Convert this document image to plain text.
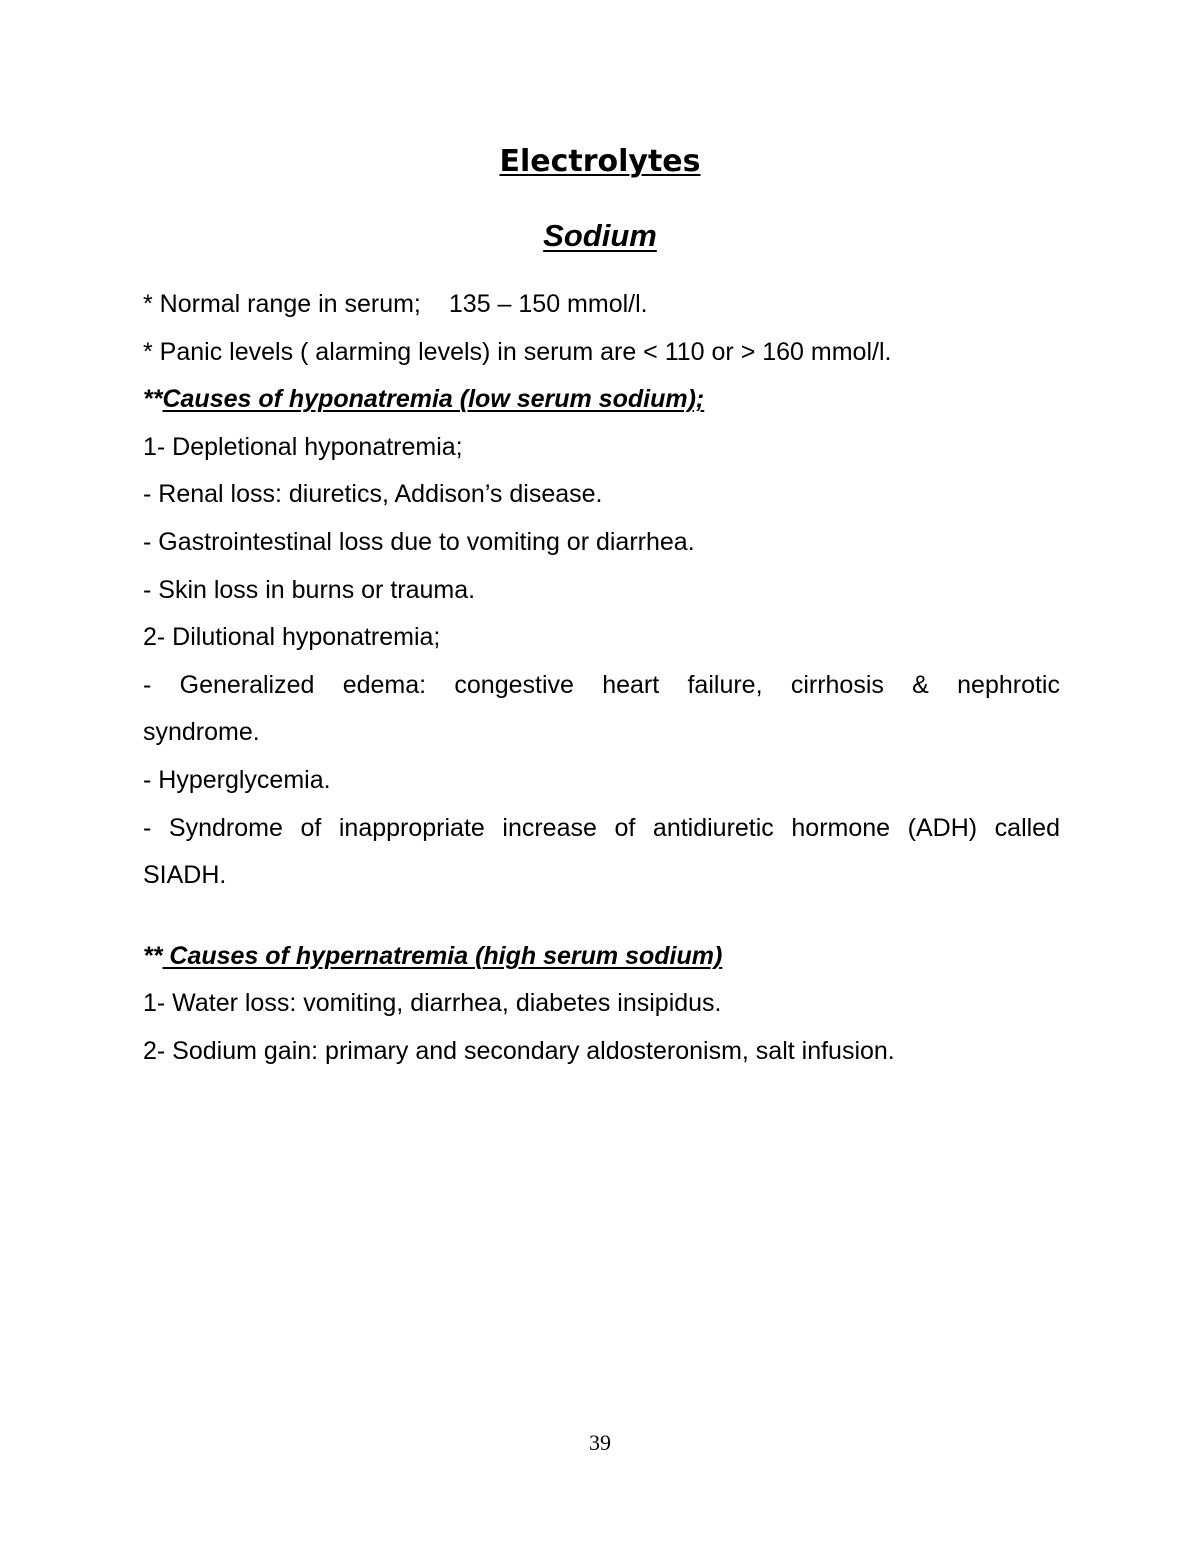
Electrolytes
Sodium
* Normal range in serum; 135 – 150 mmol/l.
* Panic levels ( alarming levels) in serum are < 110 or > 160 mmol/l.
**Causes of hyponatremia (low serum sodium);
1- Depletional hyponatremia;
- Renal loss: diuretics, Addison’s disease.
- Gastrointestinal loss due to vomiting or diarrhea.
- Skin loss in burns or trauma.
2- Dilutional hyponatremia;
- Generalized edema: congestive heart failure, cirrhosis & nephrotic
syndrome.
- Hyperglycemia.
- Syndrome of inappropriate increase of antidiuretic hormone (ADH) called
SIADH.
** Causes of hypernatremia (high serum sodium)
1- Water loss: vomiting, diarrhea, diabetes insipidus.
2- Sodium gain: primary and secondary aldosteronism, salt infusion.
39
